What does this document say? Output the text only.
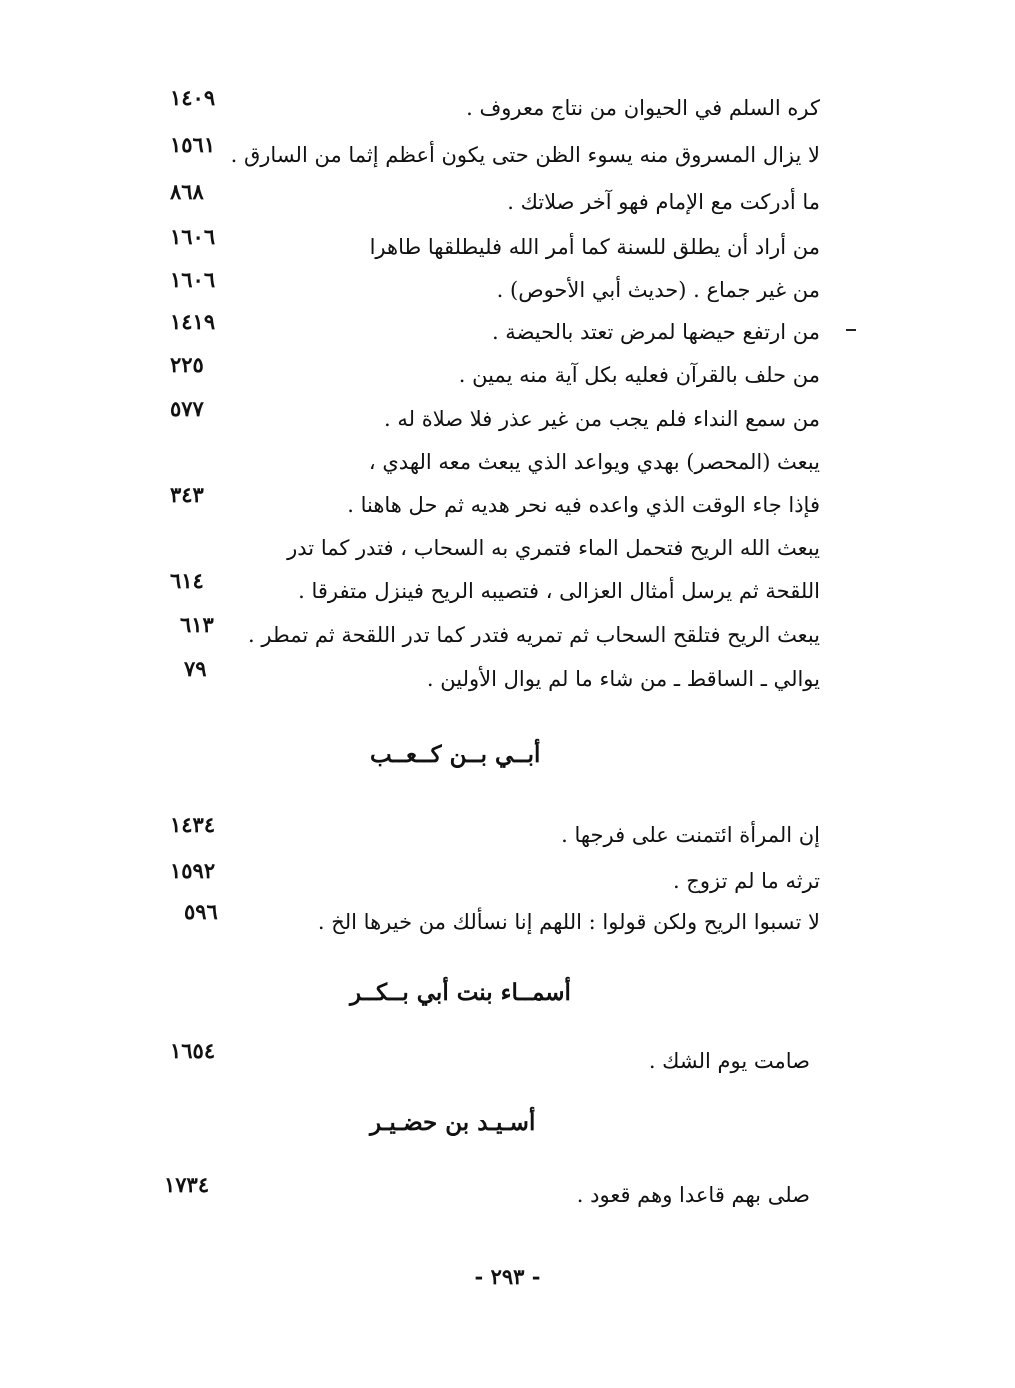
كره السلم في الحيوان من نتاج معروف .
١٤٠٩
لا يزال المسروق منه يسوء الظن حتى يكون أعظم إثما من السارق .
١٥٦١
ما أدركت مع الإمام فهو آخر صلاتك .
٨٦٨
من أراد أن يطلق للسنة كما أمر الله فليطلقها طاهرا
١٦٠٦
من غير جماع . (حديث أبي الأحوص) .
١٦٠٦
من ارتفع حيضها لمرض تعتد بالحيضة .
١٤١٩
من حلف بالقرآن فعليه بكل آية منه يمين .
٢٢٥
من سمع النداء فلم يجب من غير عذر فلا صلاة له .
٥٧٧
يبعث (المحصر) بهدي ويواعد الذي يبعث معه الهدي ،
فإذا جاء الوقت الذي واعده فيه نحر هديه ثم حل هاهنا .
٣٤٣
يبعث الله الريح فتحمل الماء فتمري به السحاب ، فتدر كما تدر
اللقحة ثم يرسل أمثال العزالى ، فتصيبه الريح فينزل متفرقا .
٦١٤
يبعث الريح فتلقح السحاب ثم تمريه فتدر كما تدر اللقحة ثم تمطر .
٦١٣
يوالي ـ الساقط ـ من شاء ما لم يوال الأولين .
٧٩
أبــي بــن كــعــب
إن المرأة ائتمنت على فرجها .
١٤٣٤
ترثه ما لم تزوج .
١٥٩٢
لا تسبوا الريح ولكن قولوا : اللهم إنا نسألك من خيرها الخ .
٥٩٦
أسمــاء بنت أبي بــكــر
صامت يوم الشك .
١٦٥٤
أسـيـد بن حضـيـر
صلى بهم قاعدا وهم قعود .
١٧٣٤
- ٢٩٣ -
